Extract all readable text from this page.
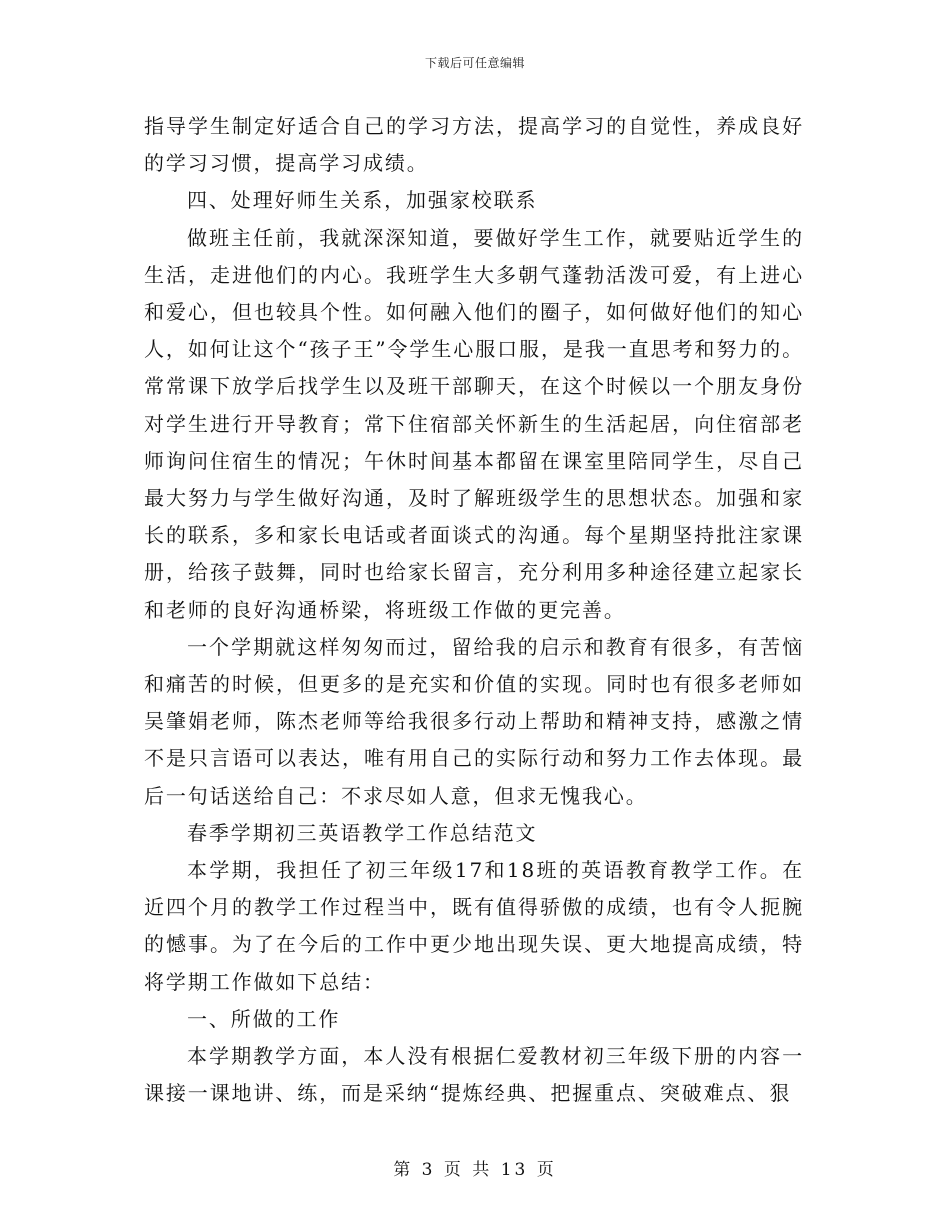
下载后可任意编辑

指导学生制定好适合自己的学习方法，提高学习的自觉性，养成良好的学习习惯，提高学习成绩。

四、处理好师生关系，加强家校联系

做班主任前，我就深深知道，要做好学生工作，就要贴近学生的生活，走进他们的内心。我班学生大多朝气蓬勃活泼可爱，有上进心和爱心，但也较具个性。如何融入他们的圈子，如何做好他们的知心人，如何让这个“孩子王”令学生心服口服，是我一直思考和努力的。常常课下放学后找学生以及班干部聊天，在这个时候以一个朋友身份对学生进行开导教育；常下住宿部关怀新生的生活起居，向住宿部老师询问住宿生的情况；午休时间基本都留在课室里陪同学生，尽自己最大努力与学生做好沟通，及时了解班级学生的思想状态。加强和家长的联系，多和家长电话或者面谈式的沟通。每个星期坚持批注家课册，给孩子鼓舞，同时也给家长留言，充分利用多种途径建立起家长和老师的良好沟通桥梁，将班级工作做的更完善。

一个学期就这样匆匆而过，留给我的启示和教育有很多，有苦恼和痛苦的时候，但更多的是充实和价值的实现。同时也有很多老师如吴肇娟老师，陈杰老师等给我很多行动上帮助和精神支持，感激之情不是只言语可以表达，唯有用自己的实际行动和努力工作去体现。最后一句话送给自己：不求尽如人意，但求无愧我心。

春季学期初三英语教学工作总结范文

本学期，我担任了初三年级17和18班的英语教育教学工作。在近四个月的教学工作过程当中，既有值得骄傲的成绩，也有令人扼腕的憾事。为了在今后的工作中更少地出现失误、更大地提高成绩，特将学期工作做如下总结：

一、所做的工作

本学期教学方面，本人没有根据仁爱教材初三年级下册的内容一课接一课地讲、练，而是采纳“提炼经典、把握重点、突破难点、狠

第 3 页 共 13 页
